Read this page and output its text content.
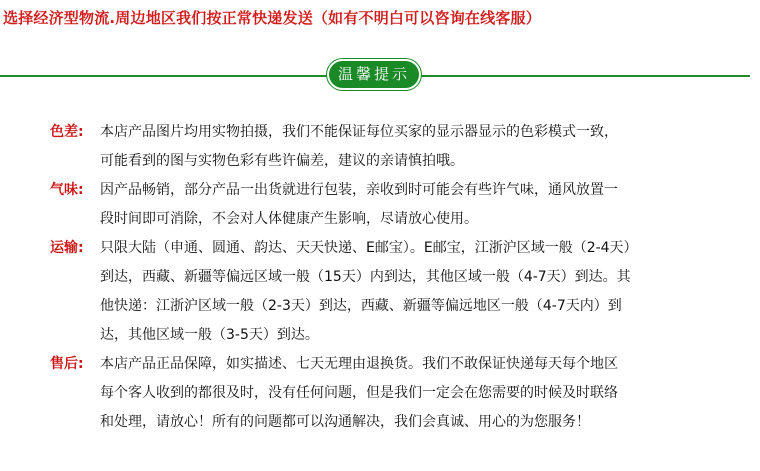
选择经济型物流.周边地区我们按正常快递发送（如有不明白可以咨询在线客服）
温馨提示
色差:	本店产品图片均用实物拍摄，我们不能保证每位买家的显示器显示的色彩模式一致，
可能看到的图与实物色彩有些许偏差，建议的亲请慎拍哦。
气味:	因产品畅销，部分产品一出货就进行包装，亲收到时可能会有些许气味，通风放置一
段时间即可消除，不会对人体健康产生影响，尽请放心使用。
运输:	只限大陆（申通、圆通、韵达、天天快递、E邮宝）。E邮宝，江浙沪区域一般（2-4天）
到达，西藏、新疆等偏远区域一般（15天）内到达，其他区域一般（4-7天）到达。其
他快递：江浙沪区域一般（2-3天）到达，西藏、新疆等偏远地区一般（4-7天内）到
达，其他区域一般（3-5天）到达。
售后:	本店产品正品保障，如实描述、七天无理由退换货。我们不敢保证快递每天每个地区
每个客人收到的都很及时，没有任何问题，但是我们一定会在您需要的时候及时联络
和处理，请放心！所有的问题都可以沟通解决，我们会真诚、用心的为您服务！
